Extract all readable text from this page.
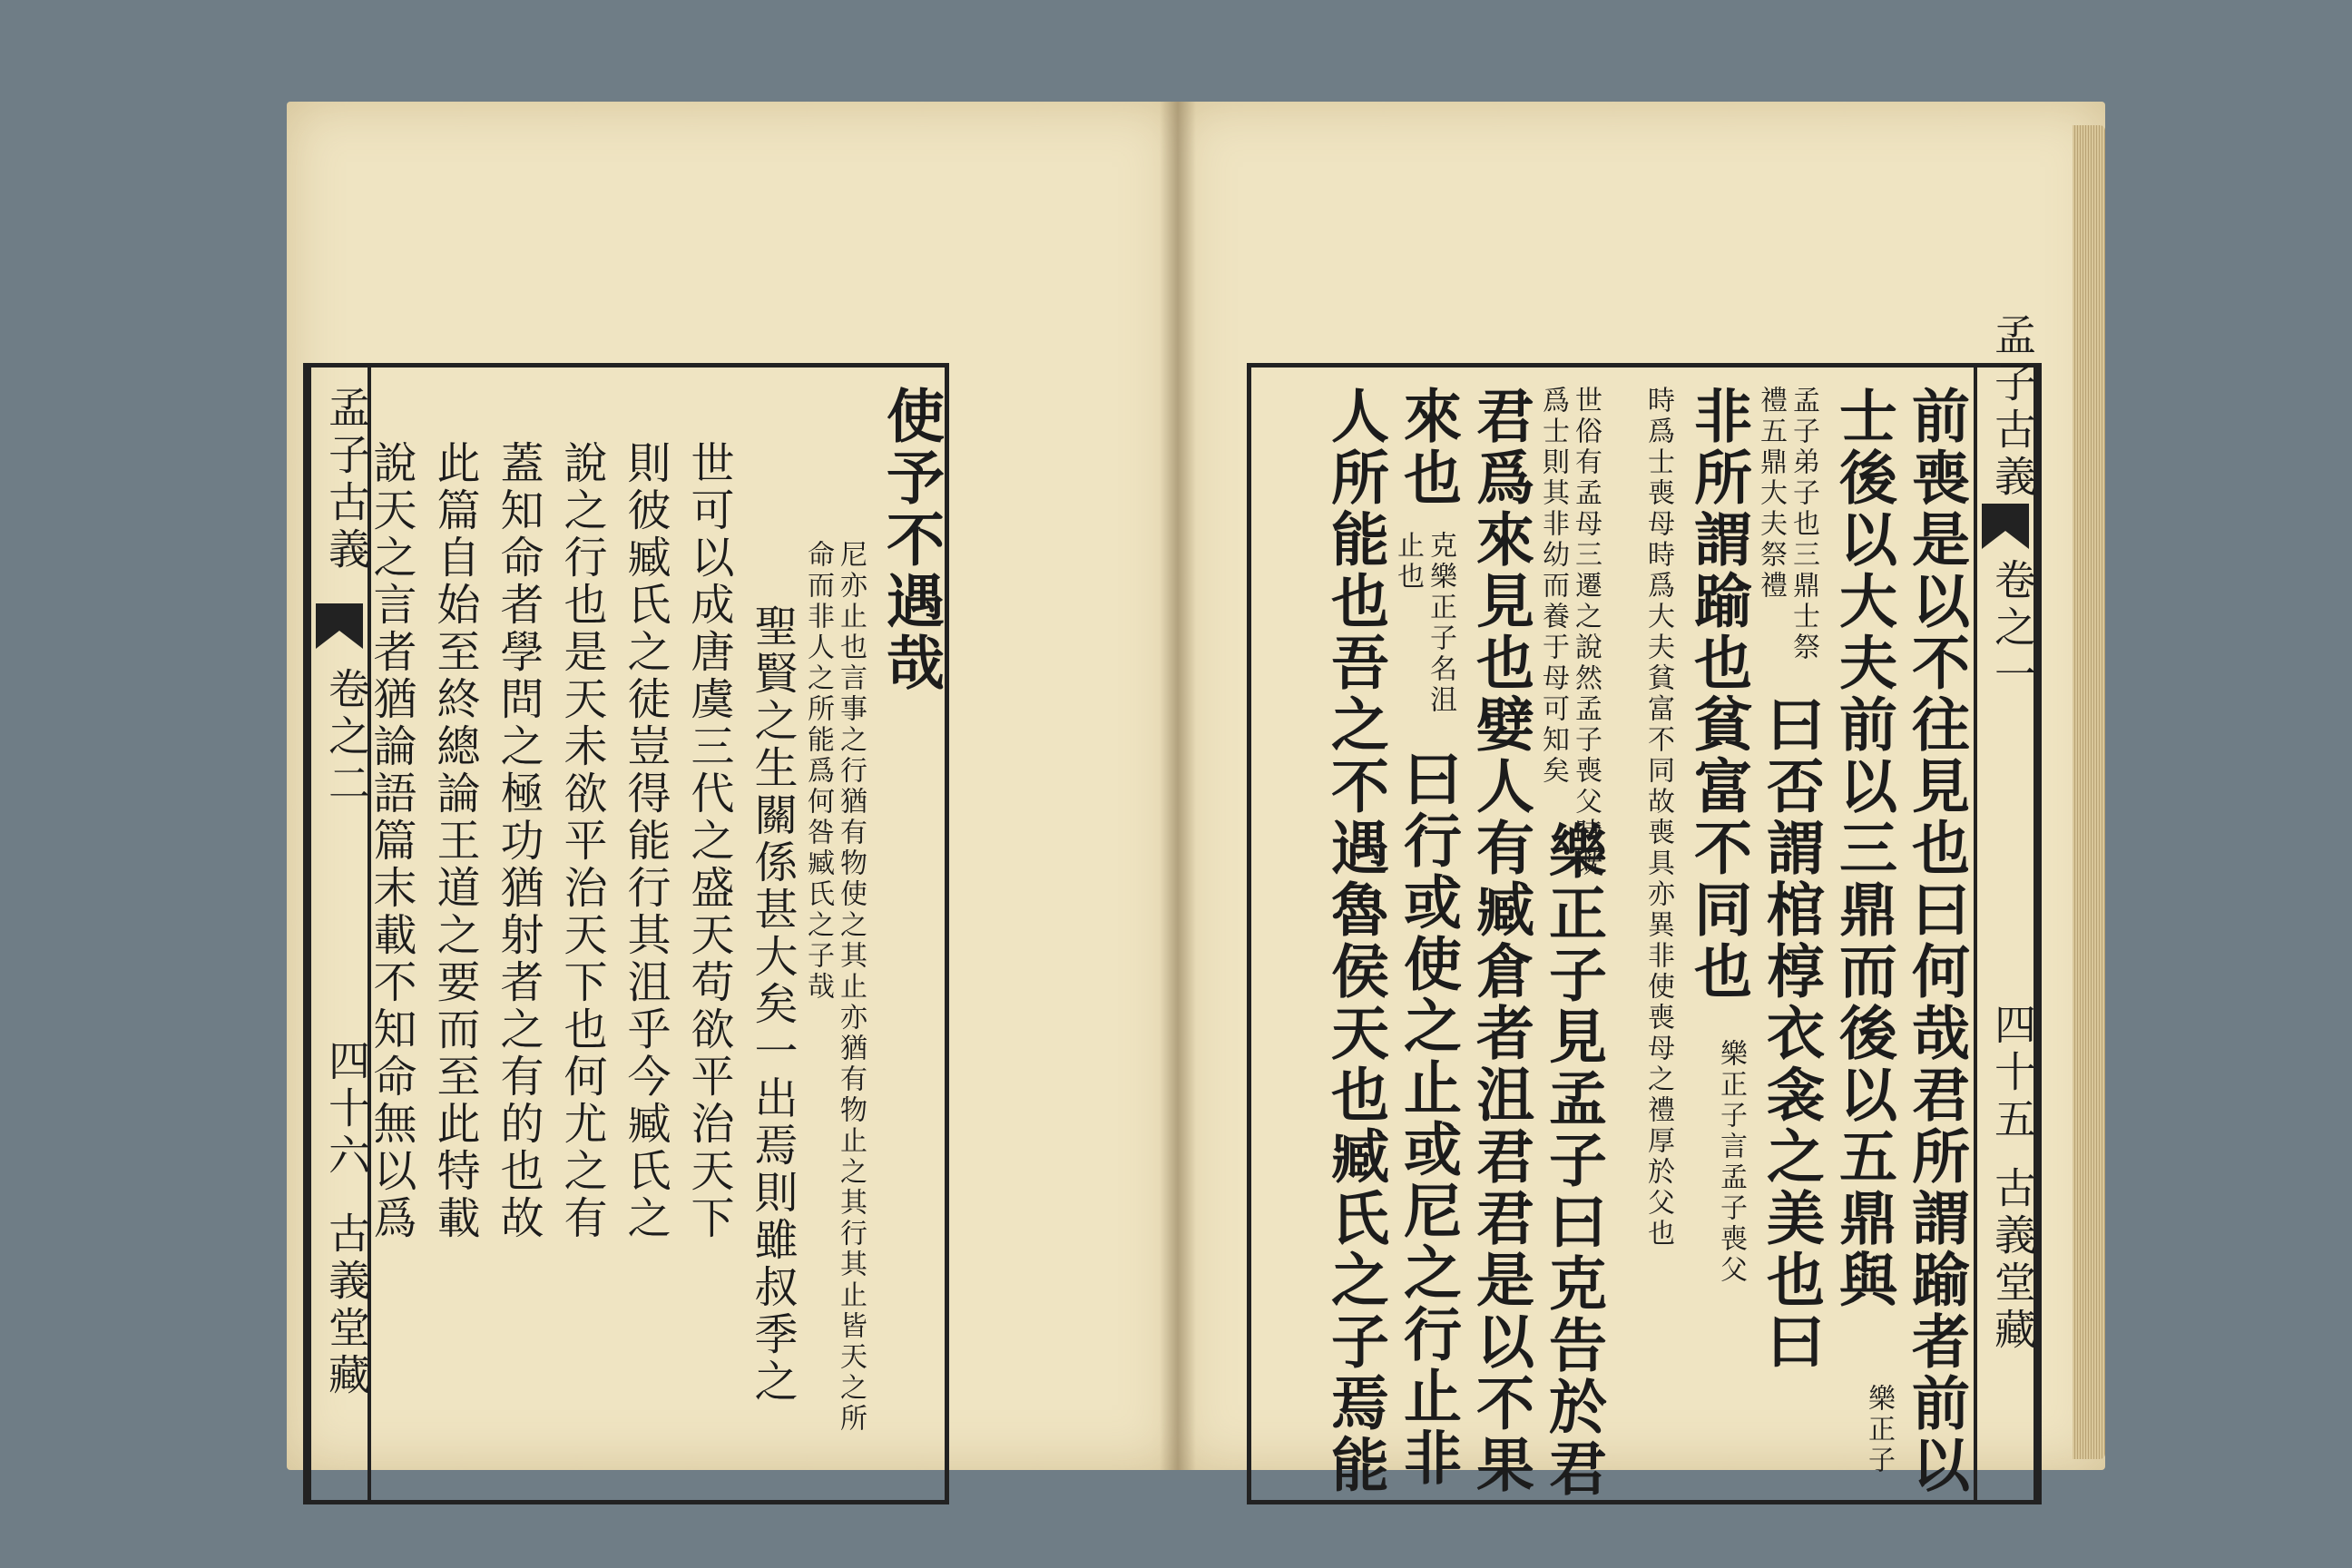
孟子古義
卷之二
四十六
古義堂藏
使予不遇哉
尼亦止也言事之行猶有物使之其止亦猶有物止之其行其止皆天之所命而非人之所能爲何咎臧氏之子哉
聖賢之生關係甚大矣一出焉則雖叔季之
世可以成唐虞三代之盛天苟欲平治天下
則彼臧氏之徒豈得能行其沮乎今臧氏之
說之行也是天未欲平治天下也何尤之有
蓋知命者學問之極功猶射者之有的也故
此篇自始至終總論王道之要而至此特載
說天之言者猶論語篇末載不知命無以爲
孟子古義
卷之一
四十五
古義堂藏
前喪是以不往見也曰何哉君所謂踰者前以
士後以大夫前以三鼎而後以五鼎與
樂正子
孟子弟子也三鼎士祭禮五鼎大夫祭禮
曰否謂棺椁衣衾之美也曰
非所謂踰也貧富不同也
樂正子言孟子喪父
時爲士喪母時爲大夫貧富不同故喪具亦異非使喪母之禮厚於父也
世俗有孟母三遷之說然孟子喪父時既爲士則其非幼而養于母可知矣
樂正子見孟子曰克告於君
君爲來見也嬖人有臧倉者沮君君是以不果
來也
克樂正子名沮止也
曰行或使之止或尼之行止非
人所能也吾之不遇魯侯天也臧氏之子焉能
